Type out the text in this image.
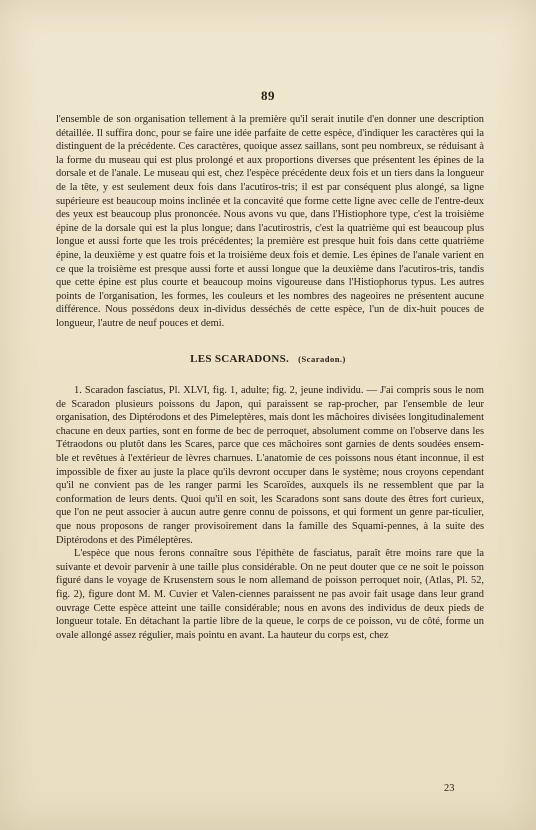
89

l'ensemble de son organisation tellement à la première qu'il serait inutile d'en donner une description détaillée. Il suffira donc, pour se faire une idée parfaite de cette espèce, d'indiquer les caractères qui la distinguent de la précédente. Ces caractères, quoique assez saillans, sont peu nombreux, se réduisant à la forme du museau qui est plus prolongé et aux proportions diverses que présentent les épines de la dorsale et de l'anale. Le museau qui est, chez l'espèce précédente deux fois et un tiers dans la longueur de la tête, y est seulement deux fois dans l'acutiros-tris; il est par conséquent plus alongé, sa ligne supérieure est beaucoup moins inclinée et la concavité que forme cette ligne avec celle de l'entre-deux des yeux est beaucoup plus prononcée. Nous avons vu que, dans l'Histiophore type, c'est la troisième épine de la dorsale qui est la plus longue; dans l'acutirostris, c'est la quatrième qui est beaucoup plus longue et aussi forte que les trois précédentes; la première est presque huit fois dans cette quatrième épine, la deuxième y est quatre fois et la troisième deux fois et demie. Les épines de l'anale varient en ce que la troisième est presque aussi forte et aussi longue que la deuxième dans l'acutiros-tris, tandis que cette épine est plus courte et beaucoup moins vigoureuse dans l'Histiophorus typus. Les autres points de l'organisation, les formes, les couleurs et les nombres des nageoires ne présentent aucune différence. Nous possédons deux in-dividus desséchés de cette espèce, l'un de dix-huit pouces de longueur, l'autre de neuf pouces et demi.

LES SCARADONS. (Scaradon.)

1. Scaradon fasciatus, Pl. XLVI, fig. 1, adulte; fig. 2, jeune individu. — J'ai compris sous le nom de Scaradon plusieurs poissons du Japon, qui paraissent se rap-procher, par l'ensemble de leur organisation, des Diptérodons et des Pimeleptères, mais dont les mâchoires divisées longitudinalement chacune en deux parties, sont en forme de bec de perroquet, absolument comme on l'observe dans les Tétraodons ou plutôt dans les Scares, parce que ces mâchoires sont garnies de dents soudées ensem-ble et revêtues à l'extérieur de lèvres charnues. L'anatomie de ces poissons nous étant inconnue, il est impossible de fixer au juste la place qu'ils devront occuper dans le système; nous croyons cependant qu'il ne convient pas de les ranger parmi les Scaroïdes, auxquels ils ne ressemblent que par la conformation de leurs dents. Quoi qu'il en soit, les Scaradons sont sans doute des êtres fort curieux, que l'on ne peut associer à aucun autre genre connu de poissons, et qui forment un genre par-ticulier, que nous proposons de ranger provisoirement dans la famille des Squami-pennes, à la suite des Diptérodons et des Piméleptères.

L'espèce que nous ferons connaître sous l'épithète de fasciatus, paraît être moins rare que la suivante et devoir parvenir à une taille plus considérable. On ne peut douter que ce ne soit le poisson figuré dans le voyage de Krusenstern sous le nom allemand de poisson perroquet noir, (Atlas, Pl. 52, fig. 2), figure dont M. M. Cuvier et Valen-ciennes paraissent ne pas avoir fait usage dans leur grand ouvrage Cette espèce atteint une taille considérable; nous en avons des individus de deux pieds de longueur totale. En détachant la partie libre de la queue, le corps de ce poisson, vu de côté, forme un ovale allongé assez régulier, mais pointu en avant. La hauteur du corps est, chez

23
